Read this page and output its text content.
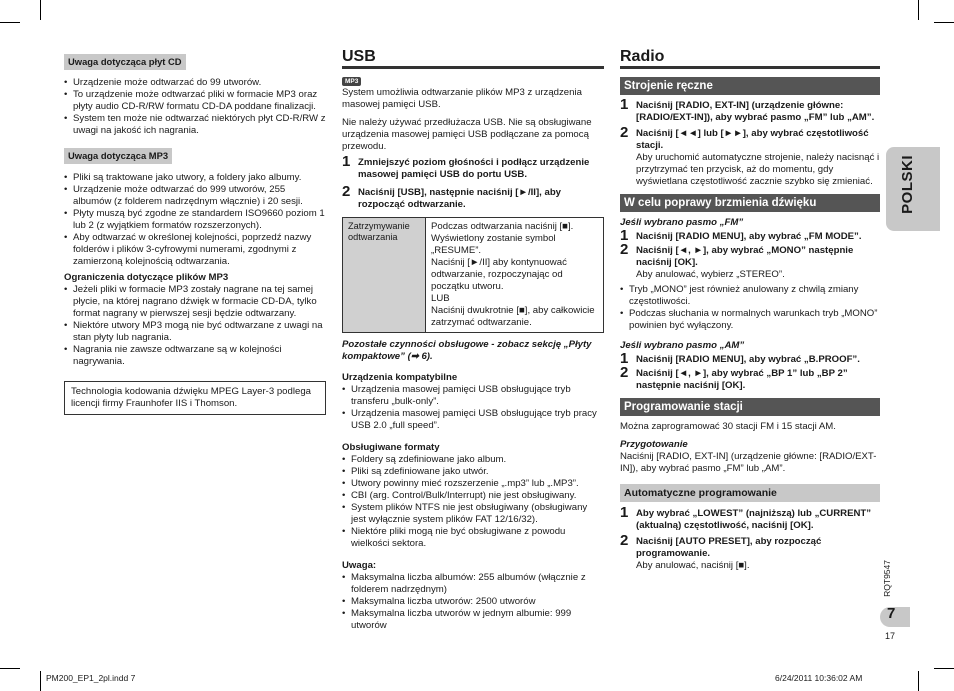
Uwaga dotycząca płyt CD
• Urządzenie może odtwarzać do 99 utworów.
• To urządzenie może odtwarzać pliki w formacie MP3 oraz płyty audio CD-R/RW formatu CD-DA poddane finalizacji.
• System ten może nie odtwarzać niektórych płyt CD-R/RW z uwagi na jakość ich nagrania.
Uwaga dotycząca MP3
• Pliki są traktowane jako utwory, a foldery jako albumy.
• Urządzenie może odtwarzać do 999 utworów, 255 albumów (z folderem nadrzędnym włącznie) i 20 sesji.
• Płyty muszą być zgodne ze standardem ISO9660 poziom 1 lub 2 (z wyjątkiem formatów rozszerzonych).
• Aby odtwarzać w określonej kolejności, poprzedź nazwy folderów i plików 3-cyfrowymi numerami, zgodnymi z zamierzoną kolejnością odtwarzania.

Ograniczenia dotyczące plików MP3

• Jeżeli pliki w formacie MP3 zostały nagrane na tej samej płycie, na której nagrano dźwięk w formacie CD-DA, tylko format nagrany w pierwszej sesji będzie odtwarzany.
• Niektóre utwory MP3 mogą nie być odtwarzane z uwagi na stan płyty lub nagrania.
• Nagrania nie zawsze odtwarzane są w kolejności nagrywania.
Technologia kodowania dźwięku MPEG Layer-3 podlega licencji firmy Fraunhofer IIS i Thomson.
USB
MP3

System umożliwia odtwarzanie plików MP3 z urządzenia masowej pamięci USB.

Nie należy używać przedłużacza USB. Nie są obsługiwane urządzenia masowej pamięci USB podłączane za pomocą przewodu.

1 Zmniejszyć poziom głośności i podłącz urządzenie masowej pamięci USB do portu USB.
2 Naciśnij [USB], następnie naciśnij [►/II], aby rozpocząć odtwarzanie.
Zatrzymywanie odtwarzania	

Podczas odtwarzania naciśnij [■].

Wyświetlony zostanie symbol „RESUME”.

Naciśnij [►/II] aby kontynuować odtwarzanie, rozpoczynając od początku utworu.

LUB

Naciśnij dwukrotnie [■], aby całkowicie zatrzymać odtwarzanie.

Pozostałe czynności obsługowe - zobacz sekcję „Płyty kompaktowe” (➡ 6).

Urządzenia kompatybilne

• Urządzenia masowej pamięci USB obsługujące tryb transferu „bulk-only”.
• Urządzenia masowej pamięci USB obsługujące tryb pracy USB 2.0 „full speed”.

Obsługiwane formaty

• Foldery są zdefiniowane jako album.
• Pliki są zdefiniowane jako utwór.
• Utwory powinny mieć rozszerzenie „.mp3” lub „.MP3”.
• CBI (arg. Control/Bulk/Interrupt) nie jest obsługiwany.
• System plików NTFS nie jest obsługiwany (obsługiwany jest wyłącznie system plików FAT 12/16/32).
• Niektóre pliki mogą nie być obsługiwane z powodu wielkości sektora.

Uwaga:

• Maksymalna liczba albumów: 255 albumów (włącznie z folderem nadrzędnym)
• Maksymalna liczba utworów: 2500 utworów
• Maksymalna liczba utworów w jednym albumie: 999 utworów
Radio
Strojenie ręczne
1 Naciśnij [RADIO, EXT-IN] (urządzenie główne: [RADIO/EXT-IN]), aby wybrać pasmo „FM” lub „AM”.
2 Naciśnij [◄◄] lub [►►], aby wybrać częstotliwość stacji.

Aby uruchomić automatyczne strojenie, należy nacisnąć i przytrzymać ten przycisk, aż do momentu, gdy wyświetlana częstotliwość zacznie szybko się zmieniać.

W celu poprawy brzmienia dźwięku

Jeśli wybrano pasmo „FM”

1 Naciśnij [RADIO MENU], aby wybrać „FM MODE”.
2 Naciśnij [◄, ►], aby wybrać „MONO” następnie naciśnij [OK].

Aby anulować, wybierz „STEREO”.

• Tryb „MONO” jest również anulowany z chwilą zmiany częstotliwości.
• Podczas słuchania w normalnych warunkach tryb „MONO” powinien być wyłączony.

Jeśli wybrano pasmo „AM”

1 Naciśnij [RADIO MENU], aby wybrać „B.PROOF”.
2 Naciśnij [◄, ►], aby wybrać „BP 1” lub „BP 2” następnie naciśnij [OK].
Programowanie stacji

Można zaprogramować 30 stacji FM i 15 stacji AM.

Przygotowanie

Naciśnij [RADIO, EXT-IN] (urządzenie główne: [RADIO/EXT-IN]), aby wybrać pasmo „FM” lub „AM”.

Automatyczne programowanie
1 Aby wybrać „LOWEST” (najniższą) lub „CURRENT” (aktualną) częstotliwość, naciśnij [OK].
2 Naciśnij [AUTO PRESET], aby rozpocząć programowanie.

Aby anulować, naciśnij [■].

POLSKI
RQT9547
7
17
PM200_EP1_2pl.indd 7	6/24/2011 10:36:02 AM
